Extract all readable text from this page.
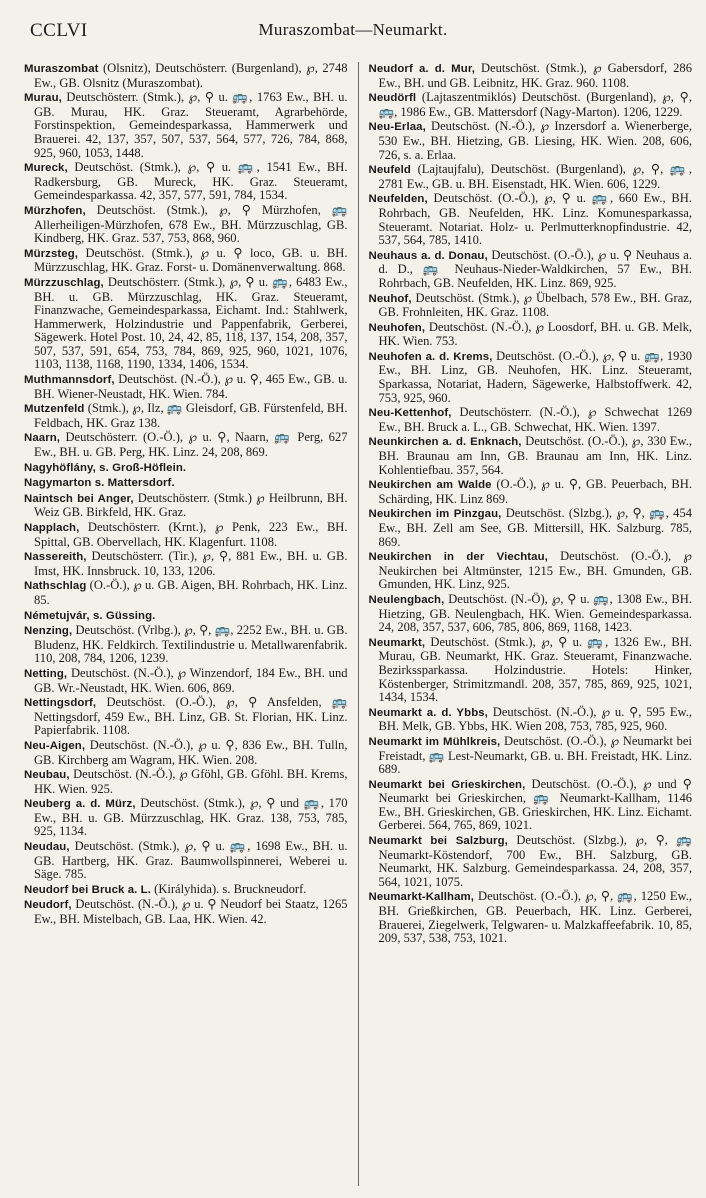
CCLVI	Muraszombat—Neumarkt.

Muraszombat (Olsnitz), Deutschösterr. (Burgenland), ℘, 2748 Ew., GB. Olsnitz (Muraszombat).

Murau, Deutschösterr. (Stmk.), ℘, ⚲ u. 🚌, 1763 Ew., BH. u. GB. Murau, HK. Graz. Steueramt, Agrarbehörde, Forstinspektion, Gemeindesparkassa, Hammerwerk und Brauerei. 42, 137, 357, 507, 537, 564, 577, 726, 784, 868, 925, 960, 1053, 1448.

Mureck, Deutschöst. (Stmk.), ℘, ⚲ u. 🚌, 1541 Ew., BH. Radkersburg, GB. Mureck, HK. Graz. Steueramt, Gemeindesparkassa. 42, 357, 577, 591, 784, 1534.

Mürzhofen, Deutschöst. (Stmk.), ℘, ⚲ Mürzhofen, 🚌 Allerheiligen-Mürzhofen, 678 Ew., BH. Mürzzuschlag, GB. Kindberg, HK. Graz. 537, 753, 868, 960.

Mürzsteg, Deutschöst. (Stmk.), ℘ u. ⚲ loco, GB. u. BH. Mürzzuschlag, HK. Graz. Forst- u. Domänenverwaltung. 868.

Mürzzuschlag, Deutschösterr. (Stmk.), ℘, ⚲ u. 🚌, 6483 Ew., BH. u. GB. Mürzzuschlag, HK. Graz. Steueramt, Finanzwache, Gemeindesparkassa, Eichamt. Ind.: Stahlwerk, Hammerwerk, Holzindustrie und Pappenfabrik, Gerberei, Sägewerk. Hotel Post. 10, 24, 42, 85, 118, 137, 154, 208, 357, 507, 537, 591, 654, 753, 784, 869, 925, 960, 1021, 1076, 1103, 1138, 1168, 1190, 1334, 1406, 1534.

Muthmannsdorf, Deutschöst. (N.-Ö.), ℘ u. ⚲, 465 Ew., GB. u. BH. Wiener-Neustadt, HK. Wien. 784.

Mutzenfeld (Stmk.), ℘, Ilz, 🚌 Gleisdorf, GB. Fürstenfeld, BH. Feldbach, HK. Graz 138.

Naarn, Deutschösterr. (O.-Ö.), ℘ u. ⚲, Naarn, 🚌 Perg, 627 Ew., BH. u. GB. Perg, HK. Linz. 24, 208, 869.

Nagyhöflány, s. Groß-Höflein.

Nagymarton s. Mattersdorf.

Naintsch bei Anger, Deutschösterr. (Stmk.) ℘ Heilbrunn, BH. Weiz GB. Birkfeld, HK. Graz.

Napplach, Deutschösterr. (Krnt.), ℘ Penk, 223 Ew., BH. Spittal, GB. Obervellach, HK. Klagenfurt. 1108.

Nassereith, Deutschösterr. (Tir.), ℘, ⚲, 881 Ew., BH. u. GB. Imst, HK. Innsbruck. 10, 133, 1206.

Nathschlag (O.-Ö.), ℘ u. GB. Aigen, BH. Rohrbach, HK. Linz. 85.

Németujvár, s. Güssing.

Nenzing, Deutschöst. (Vrlbg.), ℘, ⚲, 🚌, 2252 Ew., BH. u. GB. Bludenz, HK. Feldkirch. Textilindustrie u. Metallwarenfabrik. 110, 208, 784, 1206, 1239.

Netting, Deutschöst. (N.-Ö.), ℘ Winzendorf, 184 Ew., BH. und GB. Wr.-Neustadt, HK. Wien. 606, 869.

Nettingsdorf, Deutschöst. (O.-Ö.), ℘, ⚲ Ansfelden, 🚌 Nettingsdorf, 459 Ew., BH. Linz, GB. St. Florian, HK. Linz. Papierfabrik. 1108.

Neu-Aigen, Deutschöst. (N.-Ö.), ℘ u. ⚲, 836 Ew., BH. Tulln, GB. Kirchberg am Wagram, HK. Wien. 208.

Neubau, Deutschöst. (N.-Ö.), ℘ Gföhl, GB. Gföhl. BH. Krems, HK. Wien. 925.

Neuberg a. d. Mürz, Deutschöst. (Stmk.), ℘, ⚲ und 🚌, 170 Ew., BH. u. GB. Mürzzuschlag, HK. Graz. 138, 753, 785, 925, 1134.

Neudau, Deutschöst. (Stmk.), ℘, ⚲ u. 🚌, 1698 Ew., BH. u. GB. Hartberg, HK. Graz. Baumwollspinnerei, Weberei u. Säge. 785.

Neudorf bei Bruck a. L. (Királyhida). s. Bruckneudorf.

Neudorf, Deutschöst. (N.-Ö.), ℘ u. ⚲ Neudorf bei Staatz, 1265 Ew., BH. Mistelbach, GB. Laa, HK. Wien. 42.

Neudorf a. d. Mur, Deutschöst. (Stmk.), ℘ Gabersdorf, 286 Ew., BH. und GB. Leibnitz, HK. Graz. 960. 1108.

Neudörfl (Lajtaszentmiklós) Deutschöst. (Burgenland), ℘, ⚲, 🚌, 1986 Ew., GB. Mattersdorf (Nagy-Marton). 1206, 1229.

Neu-Erlaa, Deutschöst. (N.-Ö.), ℘ Inzersdorf a. Wienerberge, 530 Ew., BH. Hietzing, GB. Liesing, HK. Wien. 208, 606, 726, s. a. Erlaa.

Neufeld (Lajtaujfalu), Deutschöst. (Burgenland), ℘, ⚲, 🚌, 2781 Ew., GB. u. BH. Eisenstadt, HK. Wien. 606, 1229.

Neufelden, Deutschöst. (O.-Ö.), ℘, ⚲ u. 🚌, 660 Ew., BH. Rohrbach, GB. Neufelden, HK. Linz. Komunesparkassa, Steueramt. Notariat. Holz- u. Perlmutterknopfindustrie. 42, 537, 564, 785, 1410.

Neuhaus a. d. Donau, Deutschöst. (O.-Ö.), ℘ u. ⚲ Neuhaus a. d. D., 🚌 Neuhaus-Nieder-Waldkirchen, 57 Ew., BH. Rohrbach, GB. Neufelden, HK. Linz. 869, 925.

Neuhof, Deutschöst. (Stmk.), ℘ Übelbach, 578 Ew., BH. Graz, GB. Frohnleiten, HK. Graz. 1108.

Neuhofen, Deutschöst. (N.-Ö.), ℘ Loosdorf, BH. u. GB. Melk, HK. Wien. 753.

Neuhofen a. d. Krems, Deutschöst. (O.-Ö.), ℘, ⚲ u. 🚌, 1930 Ew., BH. Linz, GB. Neuhofen, HK. Linz. Steueramt, Sparkassa, Notariat, Hadern, Sägewerke, Halbstoffwerk. 42, 753, 925, 960.

Neu-Kettenhof, Deutschösterr. (N.-Ö.), ℘ Schwechat 1269 Ew., BH. Bruck a. L., GB. Schwechat, HK. Wien. 1397.

Neunkirchen a. d. Enknach, Deutschöst. (O.-Ö.), ℘, 330 Ew., BH. Braunau am Inn, GB. Braunau am Inn, HK. Linz. Kohlentiefbau. 357, 564.

Neukirchen am Walde (O.-Ö.), ℘ u. ⚲, GB. Peuerbach, BH. Schärding, HK. Linz 869.

Neukirchen im Pinzgau, Deutschöst. (Slzbg.), ℘, ⚲, 🚌, 454 Ew., BH. Zell am See, GB. Mittersill, HK. Salzburg. 785, 869.

Neukirchen in der Viechtau, Deutschöst. (O.-Ö.), ℘ Neukirchen bei Altmünster, 1215 Ew., BH. Gmunden, GB. Gmunden, HK. Linz, 925.

Neulengbach, Deutschöst. (N.-Ö), ℘, ⚲ u. 🚌, 1308 Ew., BH. Hietzing, GB. Neulengbach, HK. Wien. Gemeindesparkassa. 24, 208, 357, 537, 606, 785, 806, 869, 1168, 1423.

Neumarkt, Deutschöst. (Stmk.), ℘, ⚲ u. 🚌, 1326 Ew., BH. Murau, GB. Neumarkt, HK. Graz. Steueramt, Finanzwache. Bezirkssparkassa. Holzindustrie. Hotels: Hinker, Köstenberger, Strimitzmandl. 208, 357, 785, 869, 925, 1021, 1434, 1534.

Neumarkt a. d. Ybbs, Deutschöst. (N.-Ö.), ℘ u. ⚲, 595 Ew., BH. Melk, GB. Ybbs, HK. Wien 208, 753, 785, 925, 960.

Neumarkt im Mühlkreis, Deutschöst. (O.-Ö.), ℘ Neumarkt bei Freistadt, 🚌 Lest-Neumarkt, GB. u. BH. Freistadt, HK. Linz. 689.

Neumarkt bei Grieskirchen, Deutschöst. (O.-Ö.), ℘ und ⚲ Neumarkt bei Grieskirchen, 🚌 Neumarkt-Kallham, 1146 Ew., BH. Grieskirchen, GB. Grieskirchen, HK. Linz. Eichamt. Gerberei. 564, 765, 869, 1021.

Neumarkt bei Salzburg, Deutschöst. (Slzbg.), ℘, ⚲, 🚌 Neumarkt-Köstendorf, 700 Ew., BH. Salzburg, GB. Neumarkt, HK. Salzburg. Gemeindesparkassa. 24, 208, 357, 564, 1021, 1075.

Neumarkt-Kallham, Deutschöst. (O.-Ö.), ℘, ⚲, 🚌, 1250 Ew., BH. Grießkirchen, GB. Peuerbach, HK. Linz. Gerberei, Brauerei, Ziegelwerk, Telgwaren- u. Malzkaffeefabrik. 10, 85, 209, 537, 538, 753, 1021.
